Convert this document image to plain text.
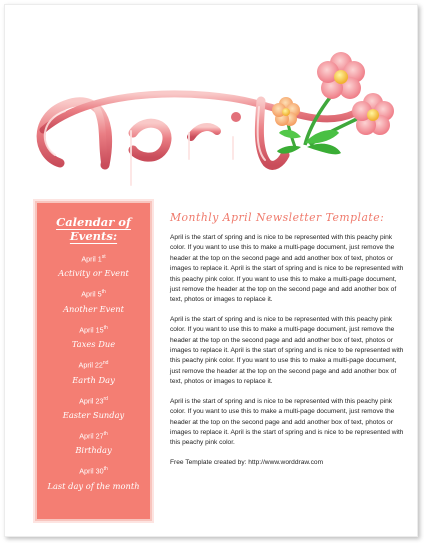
Calendar of Events:
April 1st
Activity or Event
April 5th
Another Event
April 15th
Taxes Due
April 22nd
Earth Day
April 23rd
Easter Sunday
April 27th
Birthday
April 30th
Last day of the month
Monthly April Newsletter Template:

April is the start of spring and is nice to be represented with this peachy pink color. If you want to use this to make a multi-page document, just remove the header at the top on the second page and add another box of text, photos or images to replace it. April is the start of spring and is nice to be represented with this peachy pink color. If you want to use this to make a multi-page document, just remove the header at the top on the second page and add another box of text, photos or images to replace it.

April is the start of spring and is nice to be represented with this peachy pink color. If you want to use this to make a multi-page document, just remove the header at the top on the second page and add another box of text, photos or images to replace it. April is the start of spring and is nice to be represented with this peachy pink color. If you want to use this to make a multi-page document, just remove the header at the top on the second page and add another box of text, photos or images to replace it.

April is the start of spring and is nice to be represented with this peachy pink color. If you want to use this to make a multi-page document, just remove the header at the top on the second page and add another box of text, photos or images to replace it. April is the start of spring and is nice to be represented with this peachy pink color.

Free Template created by: http://www.worddraw.com
